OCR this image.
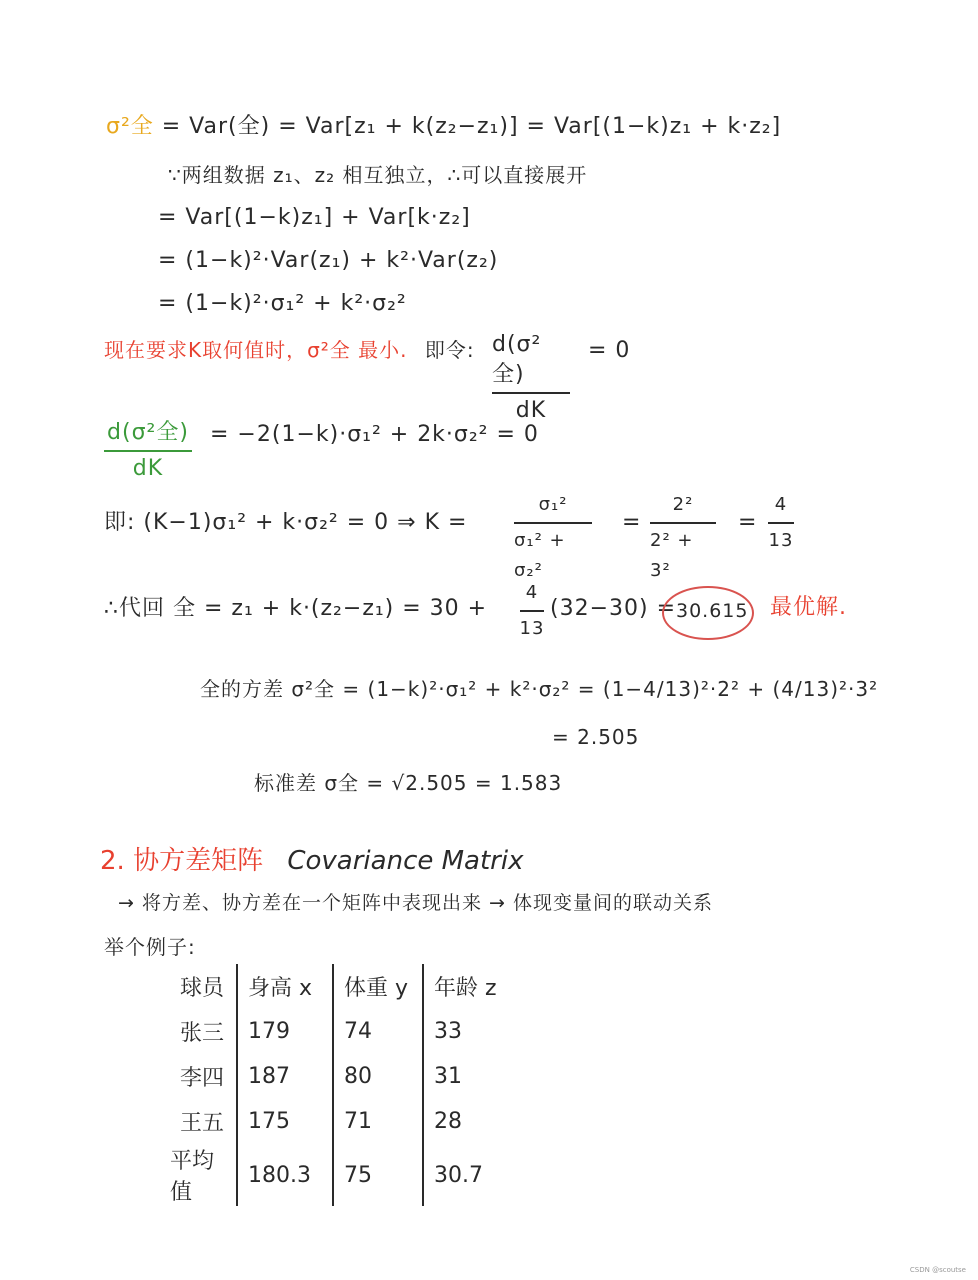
σ²全 = Var(全) = Var[z₁ + k(z₂−z₁)] = Var[(1−k)z₁ + k·z₂]
∵两组数据 z₁、z₂ 相互独立，∴可以直接展开
= Var[(1−k)z₁] + Var[k·z₂]
= (1−k)²·Var(z₁) + k²·Var(z₂)
= (1−k)²·σ₁² + k²·σ₂²
现在要求K取何值时，σ²全 最小. 即令: d(σ²全)
dK
= 0
d(σ²全)
dK
= −2(1−k)·σ₁² + 2k·σ₂² = 0
即: (K−1)σ₁² + k·σ₂² = 0 ⇒ K =
σ₁²
σ₁² + σ₂²
=
2²
2² + 3²
=
4
13
∴代回 全 = z₁ + k·(z₂−z₁) = 30 +
4
13
(32−30) = 30.615 最优解.
全的方差 σ²全 = (1−k)²·σ₁² + k²·σ₂² = (1−4/13)²·2² + (4/13)²·3²
= 2.505
标准差 σ全 = √2.505 = 1.583
2. 协方差矩阵 Covariance Matrix
→ 将方差、协方差在一个矩阵中表现出来 → 体现变量间的联动关系
举个例子:
球员	身高 x	体重 y	年龄 z
张三	179	74	33
李四	187	80	31
王五	175	71	28
平均值	180.3	75	30.7
CSDN @scoutse
